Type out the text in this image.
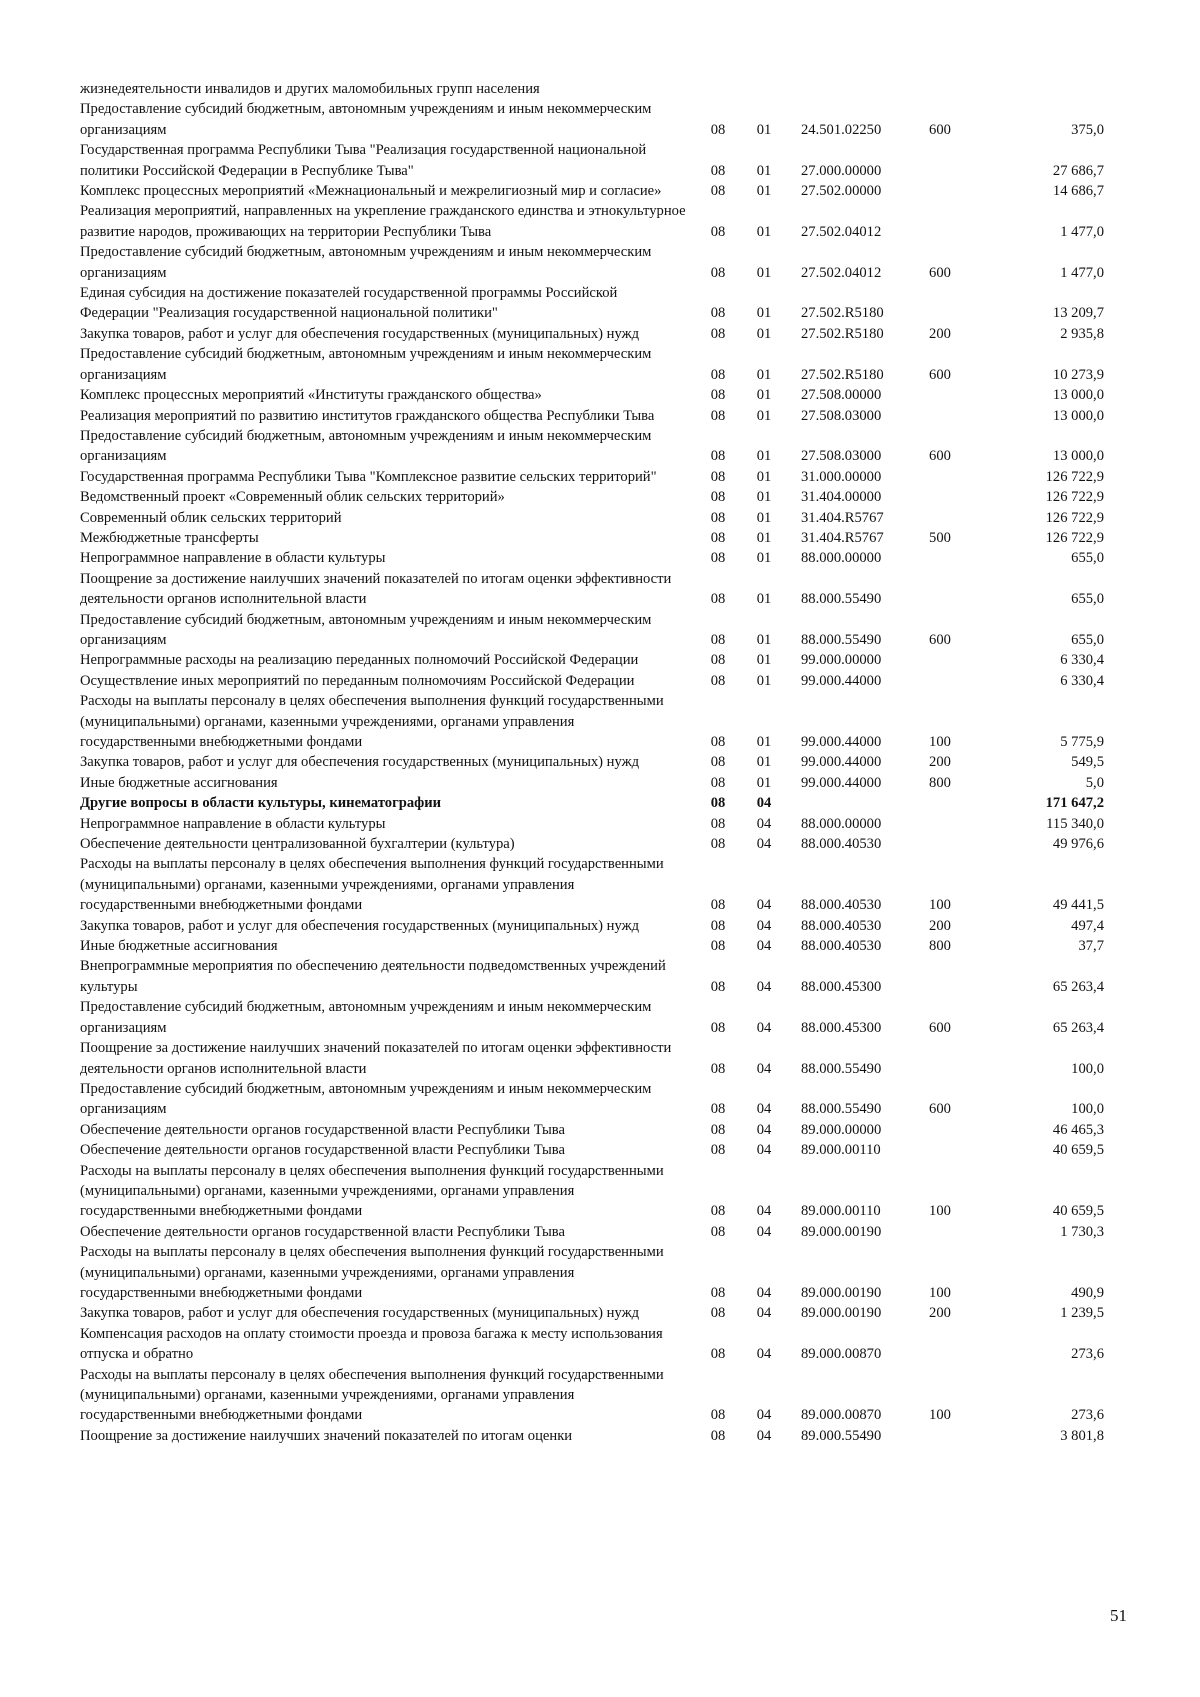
жизнедеятельности инвалидов и других маломобильных групп населения					
Предоставление субсидий бюджетным, автономным учреждениям и иным некоммерческим организациям	08	01	24.501.02250	600	375,0
Государственная программа Республики Тыва "Реализация государственной национальной политики Российской Федерации в Республике Тыва"	08	01	27.000.00000		27 686,7
Комплекс процессных мероприятий «Межнациональный и межрелигиозный мир и согласие»	08	01	27.502.00000		14 686,7
Реализация мероприятий, направленных на укрепление гражданского единства и этнокультурное развитие народов, проживающих на территории Республики Тыва	08	01	27.502.04012		1 477,0
Предоставление субсидий бюджетным, автономным учреждениям и иным некоммерческим организациям	08	01	27.502.04012	600	1 477,0
Единая субсидия на достижение показателей государственной программы Российской Федерации "Реализация государственной национальной политики"	08	01	27.502.R5180		13 209,7
Закупка товаров, работ и услуг для обеспечения государственных (муниципальных) нужд	08	01	27.502.R5180	200	2 935,8
Предоставление субсидий бюджетным, автономным учреждениям и иным некоммерческим организациям	08	01	27.502.R5180	600	10 273,9
Комплекс процессных мероприятий «Институты гражданского общества»	08	01	27.508.00000		13 000,0
Реализация мероприятий по развитию институтов гражданского общества Республики Тыва	08	01	27.508.03000		13 000,0
Предоставление субсидий бюджетным, автономным учреждениям и иным некоммерческим организациям	08	01	27.508.03000	600	13 000,0
Государственная программа Республики Тыва "Комплексное развитие сельских территорий"	08	01	31.000.00000		126 722,9
Ведомственный проект «Современный облик сельских территорий»	08	01	31.404.00000		126 722,9
Современный облик сельских территорий	08	01	31.404.R5767		126 722,9
Межбюджетные трансферты	08	01	31.404.R5767	500	126 722,9
Непрограммное направление в области культуры	08	01	88.000.00000		655,0
Поощрение за достижение наилучших значений показателей по итогам оценки эффективности деятельности органов исполнительной власти	08	01	88.000.55490		655,0
Предоставление субсидий бюджетным, автономным учреждениям и иным некоммерческим организациям	08	01	88.000.55490	600	655,0
Непрограммные расходы на реализацию переданных полномочий Российской Федерации	08	01	99.000.00000		6 330,4
Осуществление иных мероприятий по переданным полномочиям Российской Федерации	08	01	99.000.44000		6 330,4
Расходы на выплаты персоналу в целях обеспечения выполнения функций государственными (муниципальными) органами, казенными учреждениями, органами управления государственными внебюджетными фондами	08	01	99.000.44000	100	5 775,9
Закупка товаров, работ и услуг для обеспечения государственных (муниципальных) нужд	08	01	99.000.44000	200	549,5
Иные бюджетные ассигнования	08	01	99.000.44000	800	5,0
Другие вопросы в области культуры, кинематографии	08	04			171 647,2
Непрограммное направление в области культуры	08	04	88.000.00000		115 340,0
Обеспечение деятельности централизованной бухгалтерии (культура)	08	04	88.000.40530		49 976,6
Расходы на выплаты персоналу в целях обеспечения выполнения функций государственными (муниципальными) органами, казенными учреждениями, органами управления государственными внебюджетными фондами	08	04	88.000.40530	100	49 441,5
Закупка товаров, работ и услуг для обеспечения государственных (муниципальных) нужд	08	04	88.000.40530	200	497,4
Иные бюджетные ассигнования	08	04	88.000.40530	800	37,7
Внепрограммные мероприятия по обеспечению деятельности подведомственных учреждений культуры	08	04	88.000.45300		65 263,4
Предоставление субсидий бюджетным, автономным учреждениям и иным некоммерческим организациям	08	04	88.000.45300	600	65 263,4
Поощрение за достижение наилучших значений показателей по итогам оценки эффективности деятельности органов исполнительной власти	08	04	88.000.55490		100,0
Предоставление субсидий бюджетным, автономным учреждениям и иным некоммерческим организациям	08	04	88.000.55490	600	100,0
Обеспечение деятельности органов государственной власти Республики Тыва	08	04	89.000.00000		46 465,3
Обеспечение деятельности органов государственной власти Республики Тыва	08	04	89.000.00110		40 659,5
Расходы на выплаты персоналу в целях обеспечения выполнения функций государственными (муниципальными) органами, казенными учреждениями, органами управления государственными внебюджетными фондами	08	04	89.000.00110	100	40 659,5
Обеспечение деятельности органов государственной власти Республики Тыва	08	04	89.000.00190		1 730,3
Расходы на выплаты персоналу в целях обеспечения выполнения функций государственными (муниципальными) органами, казенными учреждениями, органами управления государственными внебюджетными фондами	08	04	89.000.00190	100	490,9
Закупка товаров, работ и услуг для обеспечения государственных (муниципальных) нужд	08	04	89.000.00190	200	1 239,5
Компенсация расходов на оплату стоимости проезда и провоза багажа к месту использования отпуска и обратно	08	04	89.000.00870		273,6
Расходы на выплаты персоналу в целях обеспечения выполнения функций государственными (муниципальными) органами, казенными учреждениями, органами управления государственными внебюджетными фондами	08	04	89.000.00870	100	273,6
Поощрение за достижение наилучших значений показателей по итогам оценки	08	04	89.000.55490		3 801,8
51
